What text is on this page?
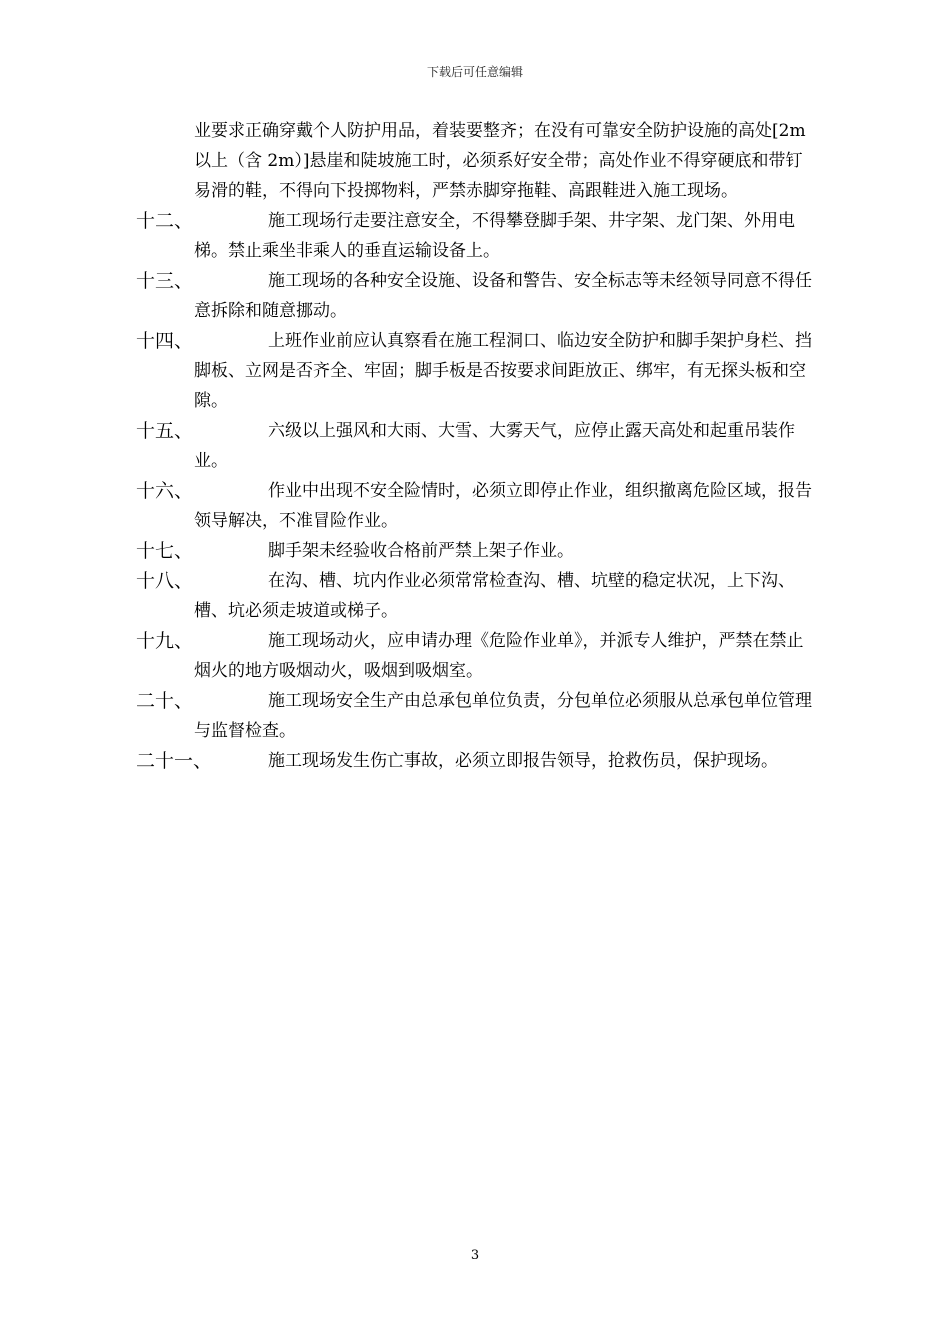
下载后可任意编辑
业要求正确穿戴个人防护用品，着装要整齐；在没有可靠安全防护设施的高处[2m 以上（含 2m）]悬崖和陡坡施工时，必须系好安全带；高处作业不得穿硬底和带钉易滑的鞋，不得向下投掷物料，严禁赤脚穿拖鞋、高跟鞋进入施工现场。
十二、	施工现场行走要注意安全，不得攀登脚手架、井字架、龙门架、外用电梯。禁止乘坐非乘人的垂直运输设备上。
十三、	施工现场的各种安全设施、设备和警告、安全标志等未经领导同意不得任意拆除和随意挪动。
十四、	上班作业前应认真察看在施工程洞口、临边安全防护和脚手架护身栏、挡脚板、立网是否齐全、牢固；脚手板是否按要求间距放正、绑牢，有无探头板和空隙。
十五、	六级以上强风和大雨、大雪、大雾天气，应停止露天高处和起重吊装作业。
十六、	作业中出现不安全险情时，必须立即停止作业，组织撤离危险区域，报告领导解决，不准冒险作业。
十七、	脚手架未经验收合格前严禁上架子作业。
十八、	在沟、槽、坑内作业必须常常检查沟、槽、坑壁的稳定状况，上下沟、槽、坑必须走坡道或梯子。
十九、	施工现场动火，应申请办理《危险作业单》，并派专人维护，严禁在禁止烟火的地方吸烟动火，吸烟到吸烟室。
二十、	施工现场安全生产由总承包单位负责，分包单位必须服从总承包单位管理与监督检查。
二十一、	施工现场发生伤亡事故，必须立即报告领导，抢救伤员，保护现场。
3
